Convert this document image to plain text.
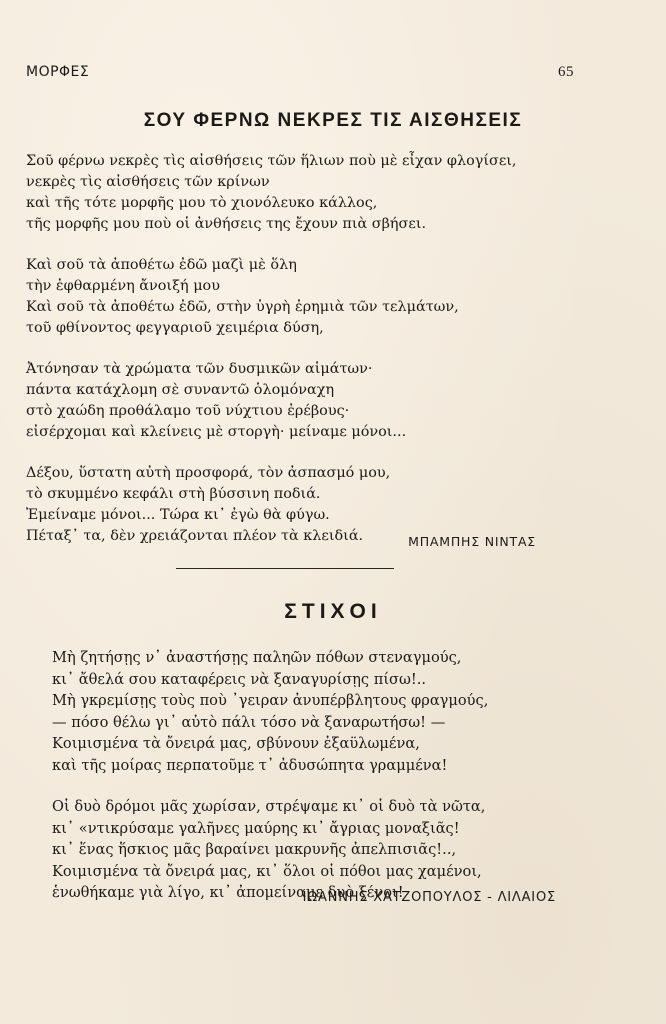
ΜΟΡΦΕΣ	65
ΣΟΥ ΦΕΡΝΩ ΝΕΚΡΕΣ ΤΙΣ ΑΙΣΘΗΣΕΙΣ
Σοῦ φέρνω νεκρὲς τὶς αἰσθήσεις τῶν ἥλιων ποὺ μὲ εἶχαν φλογίσει,
νεκρὲς τὶς αἰσθήσεις τῶν κρίνων
καὶ τῆς τότε μορφῆς μου τὸ χιονόλευκο κάλλος,
τῆς μορφῆς μου ποὺ οἱ ἀνθήσεις της ἔχουν πιὰ σβήσει.
Καὶ σοῦ τὰ ἀποθέτω ἐδῶ μαζὶ μὲ ὅλη
τὴν ἐφθαρμένη ἄνοιξή μου
Καὶ σοῦ τὰ ἀποθέτω ἐδῶ, στὴν ὑγρὴ ἐρημιὰ τῶν τελμάτων,
τοῦ φθίνοντος φεγγαριοῦ χειμέρια δύση,
Ἀτόνησαν τὰ χρώματα τῶν δυσμικῶν αἱμάτων·
πάντα κατάχλομη σὲ συναντῶ ὁλομόναχη
στὸ χαώδη προθάλαμο τοῦ νύχτιου ἐρέβους·
εἰσέρχομαι καὶ κλείνεις μὲ στοργὴ· μείναμε μόνοι...
Δέξου, ὕστατη αὐτὴ προσφορά, τὸν ἀσπασμό μου,
τὸ σκυμμένο κεφάλι στὴ βύσσινη ποδιά.
Ἐμείναμε μόνοι... Τώρα κι᾽ ἐγὼ θὰ φύγω.
Πέταξ᾽ τα, δὲν χρειάζονται πλέον τὰ κλειδιά.	ΜΠΑΜΠΗΣ ΝΙΝΤΑΣ
ΣΤΙΧΟΙ
Μὴ ζητήσῃς ν᾽ ἀναστήσῃς παληῶν πόθων στεναγμούς,
κι᾽ ἄθελά σου καταφέρεις νὰ ξαναγυρίσῃς πίσω!..
Μὴ γκρεμίσῃς τοὺς ποὺ ᾽γειραν ἀνυπέρβλητους φραγμούς,
— πόσο θέλω γι᾽ αὐτὸ πάλι τόσο νὰ ξαναρωτήσω! —
Κοιμισμένα τὰ ὄνειρά μας, σβύνουν ἐξαϋλωμένα,
καὶ τῆς μοίρας περπατοῦμε τ᾽ ἀδυσώπητα γραμμένα!
Οἱ δυὸ δρόμοι μᾶς χωρίσαν, στρέψαμε κι᾽ οἱ δυὸ τὰ νῶτα,
κι᾽ «ντικρύσαμε γαλῆνες μαύρης κι᾽ ἄγριας μοναξιᾶς!
κι᾽ ἕνας ἥσκιος μᾶς βαραίνει μακρυνῆς ἀπελπισιᾶς!..,
Κοιμισμένα τὰ ὄνειρά μας, κι᾽ ὅλοι οἱ πόθοι μας χαμένοι,
ἑνωθήκαμε γιὰ λίγο, κι᾽ ἀπομείναμε δυὸ ξένοι!
ΙΩΑΝΝΗΣ ΧΑΤΖΟΠΟΥΛΟΣ - ΛΙΛΑΙΟΣ
